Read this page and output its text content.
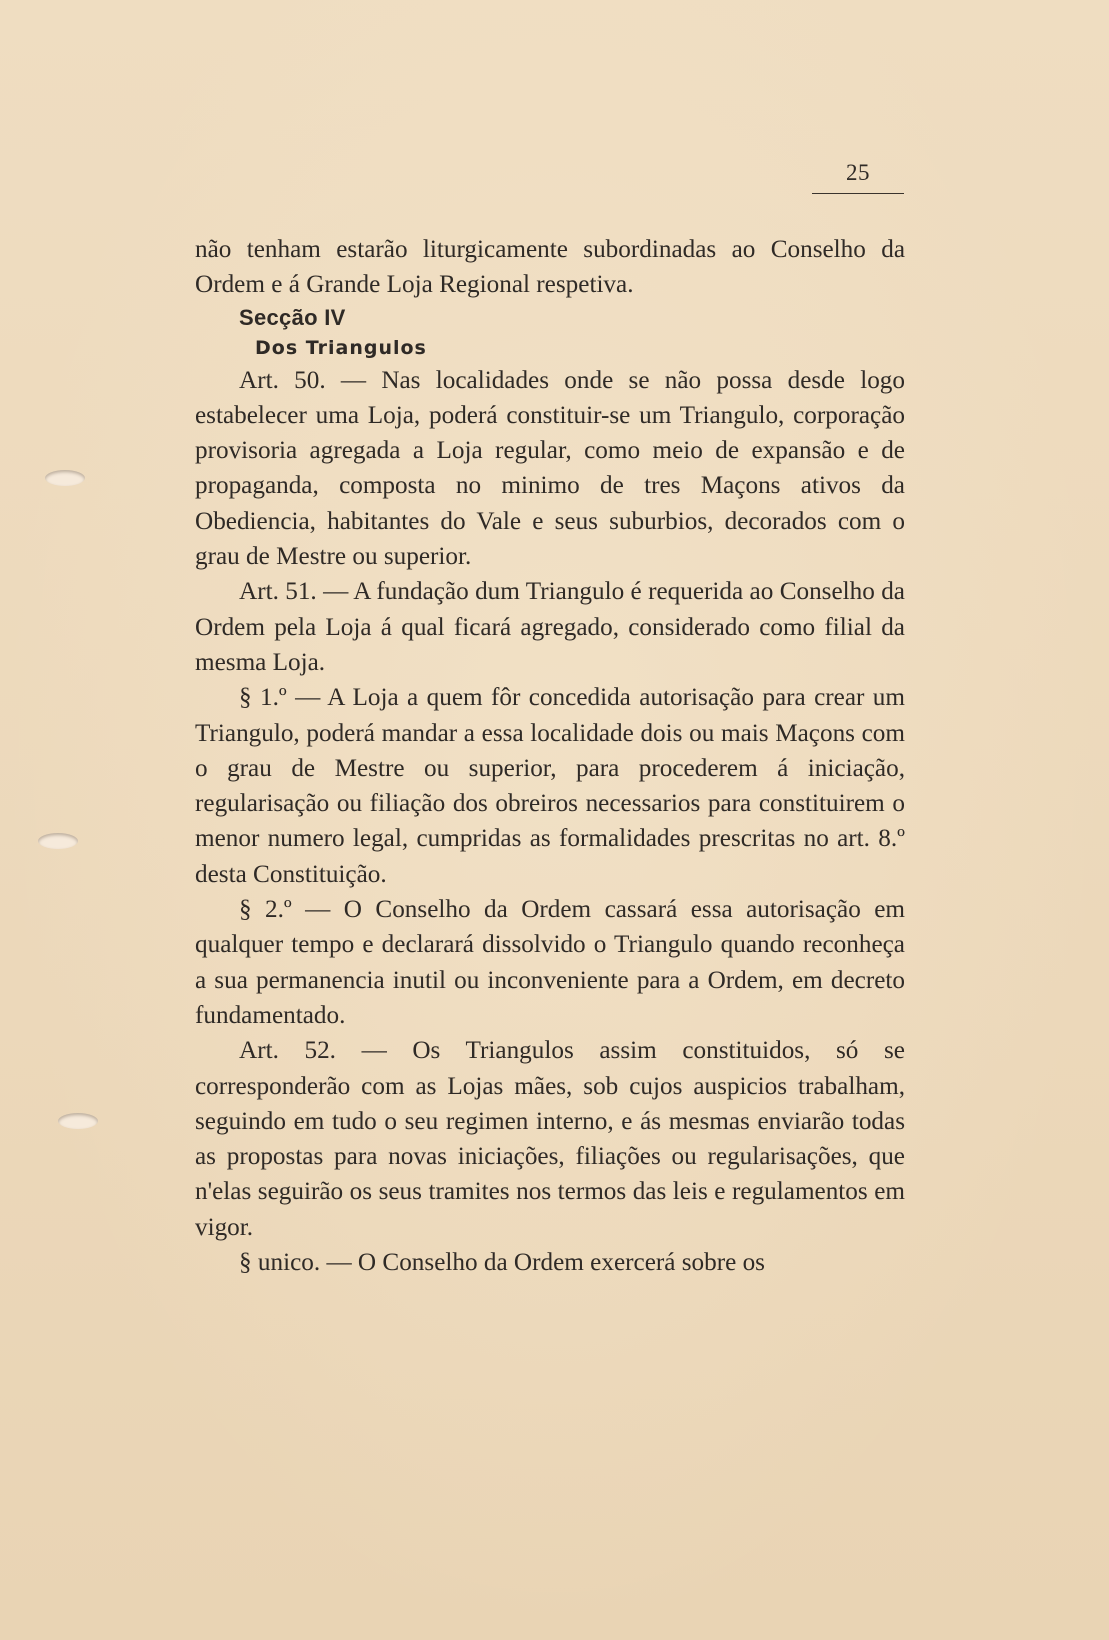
25

não tenham estarão liturgicamente subordinadas ao Conselho da Ordem e á Grande Loja Regional respetiva.

Secção IV

Dos Triangulos

Art. 50. — Nas localidades onde se não possa desde logo estabelecer uma Loja, poderá constituir-se um Triangulo, corporação provisoria agregada a Loja regular, como meio de expansão e de propaganda, composta no minimo de tres Maçons ativos da Obediencia, habitantes do Vale e seus suburbios, decorados com o grau de Mestre ou superior.

Art. 51. — A fundação dum Triangulo é requerida ao Conselho da Ordem pela Loja á qual ficará agregado, considerado como filial da mesma Loja.

§ 1.º — A Loja a quem fôr concedida autorisação para crear um Triangulo, poderá mandar a essa localidade dois ou mais Maçons com o grau de Mestre ou superior, para procederem á iniciação, regularisação ou filiação dos obreiros necessarios para constituirem o menor numero legal, cumpridas as formalidades prescritas no art. 8.º desta Constituição.

§ 2.º — O Conselho da Ordem cassará essa autorisação em qualquer tempo e declarará dissolvido o Triangulo quando reconheça a sua permanencia inutil ou inconveniente para a Ordem, em decreto fundamentado.

Art. 52. — Os Triangulos assim constituidos, só se corresponderão com as Lojas mães, sob cujos auspicios trabalham, seguindo em tudo o seu regimen interno, e ás mesmas enviarão todas as propostas para novas iniciações, filiações ou regularisações, que n'elas seguirão os seus tramites nos termos das leis e regulamentos em vigor.

§ unico. — O Conselho da Ordem exercerá sobre os
